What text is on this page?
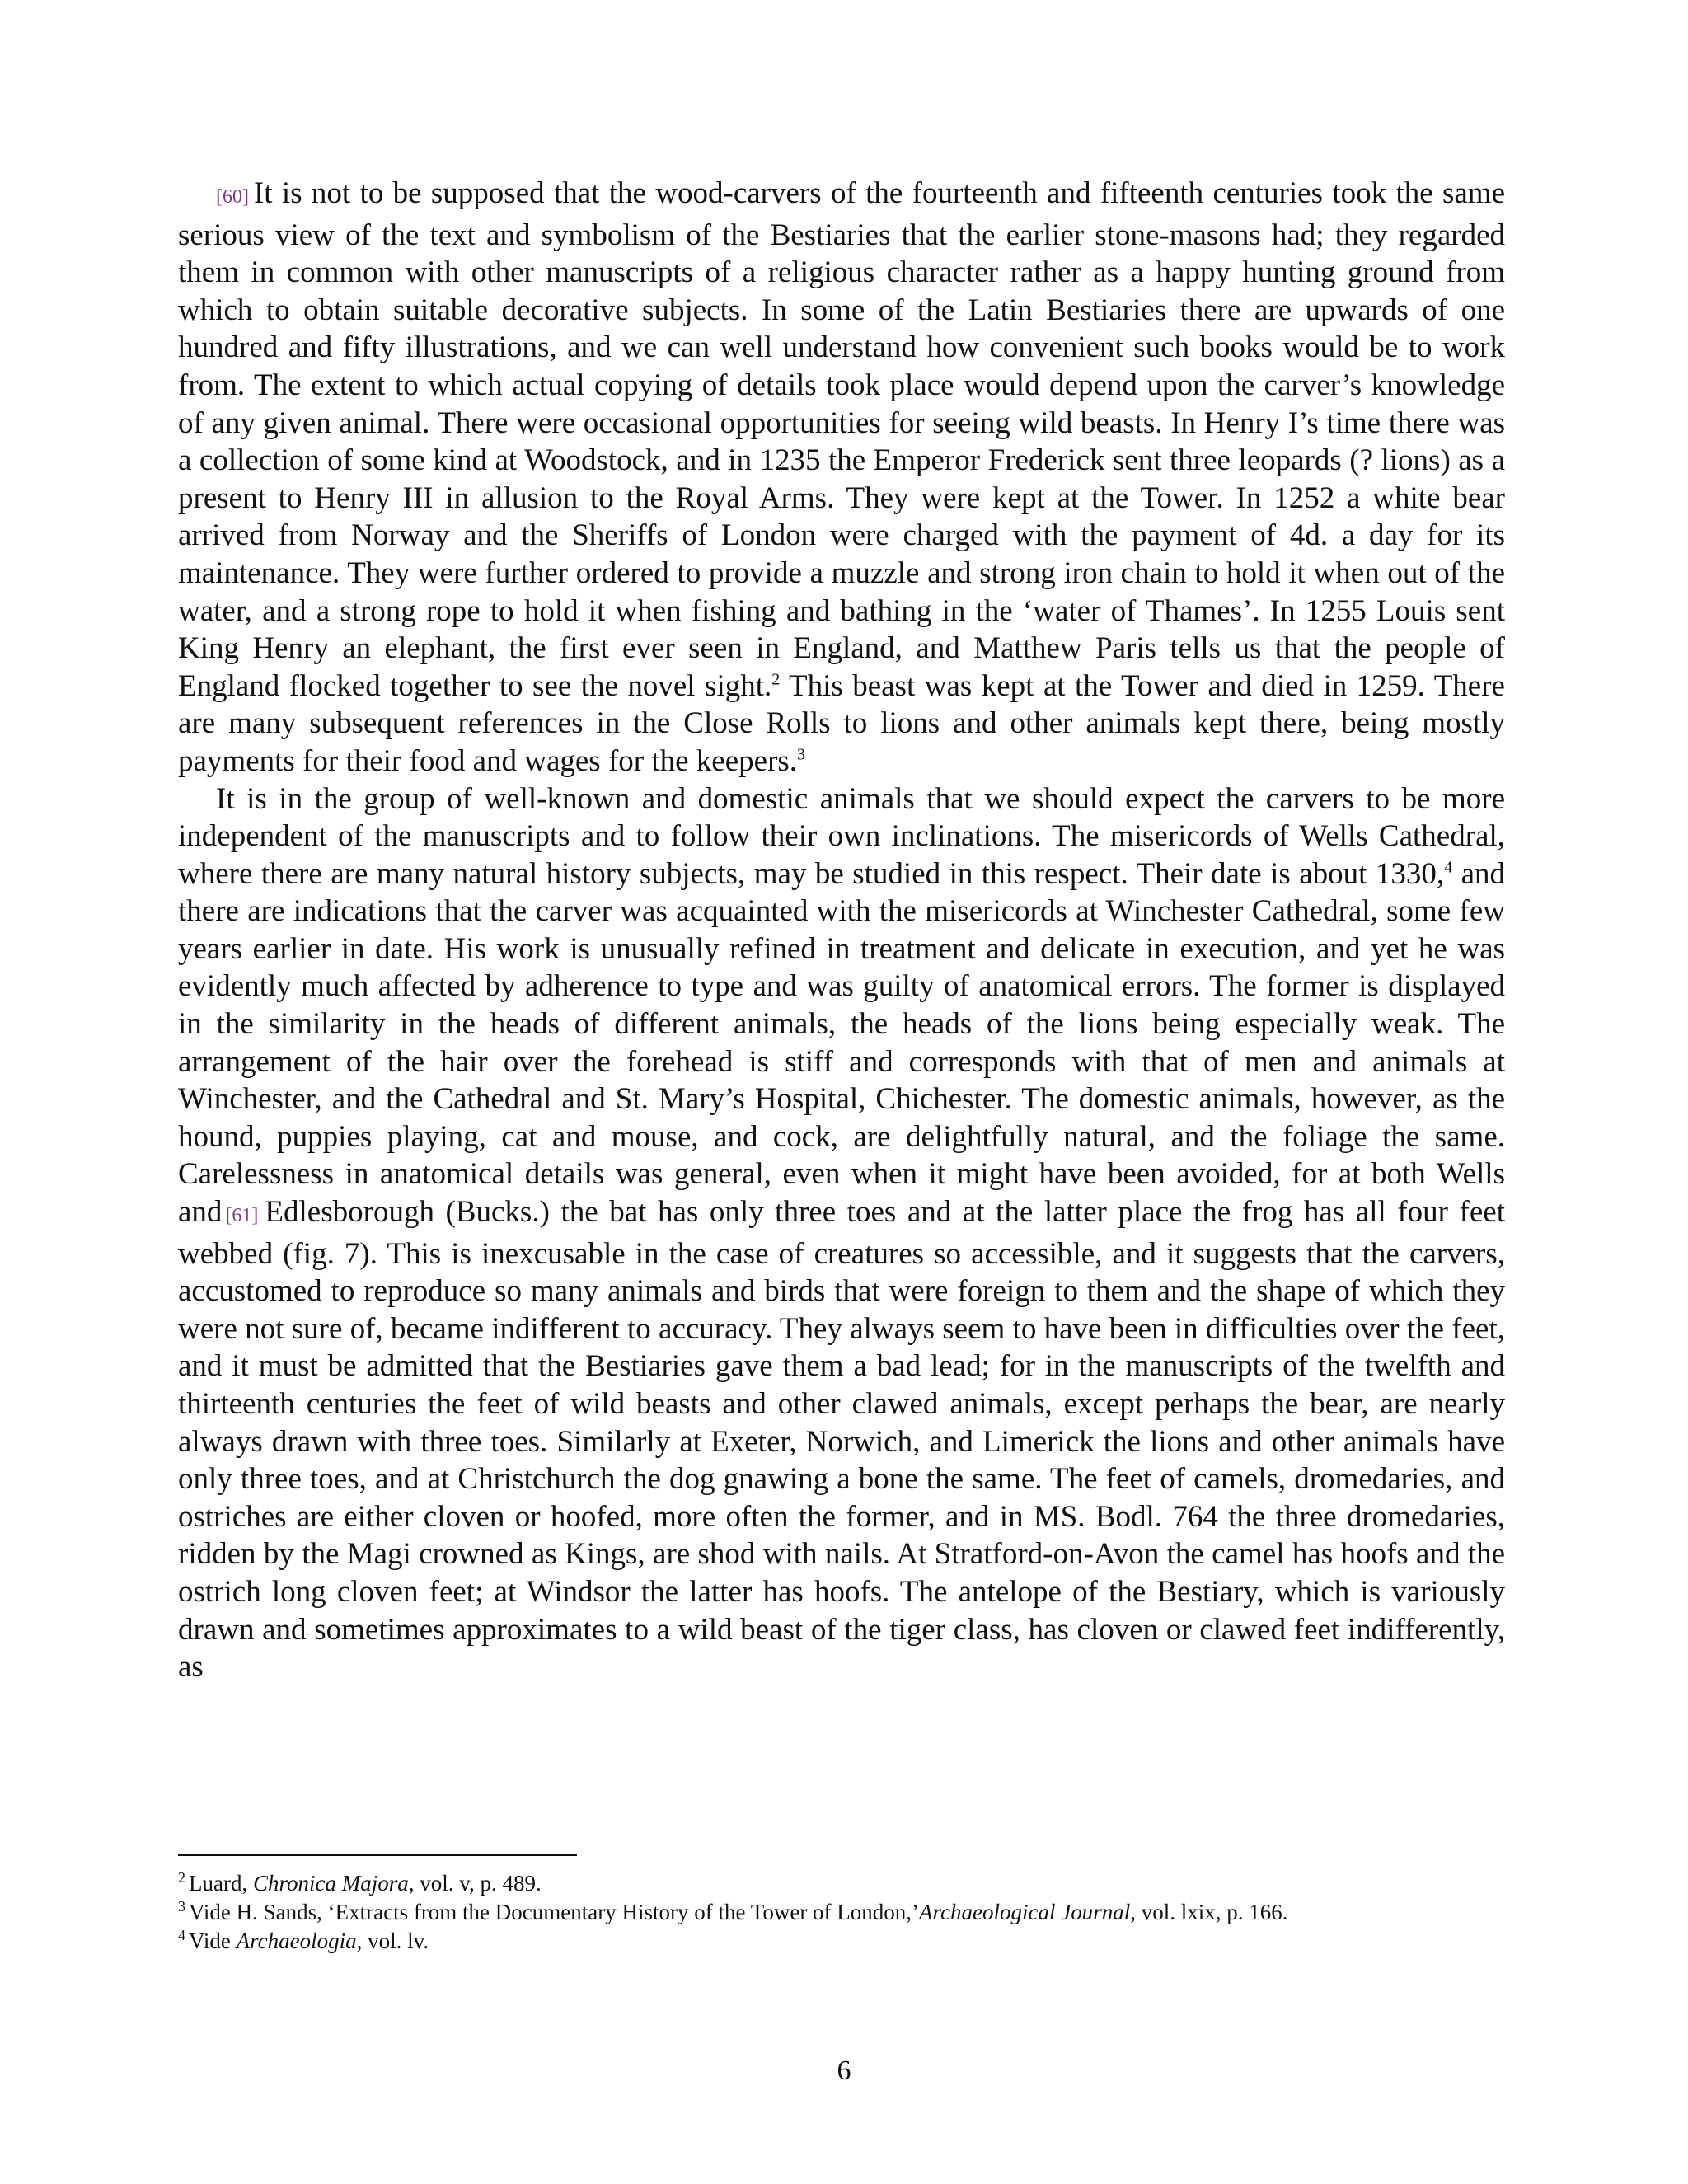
[60] It is not to be supposed that the wood-carvers of the fourteenth and fifteenth centuries took the same serious view of the text and symbolism of the Bestiaries that the earlier stone-masons had; they regarded them in common with other manuscripts of a religious character rather as a happy hunting ground from which to obtain suitable decorative subjects. In some of the Latin Bestiaries there are upwards of one hundred and fifty illustrations, and we can well understand how convenient such books would be to work from. The extent to which actual copying of details took place would depend upon the carver’s knowledge of any given animal. There were occasional opportunities for seeing wild beasts. In Henry I’s time there was a collection of some kind at Woodstock, and in 1235 the Emperor Frederick sent three leopards (? lions) as a present to Henry III in allusion to the Royal Arms. They were kept at the Tower. In 1252 a white bear arrived from Norway and the Sheriffs of London were charged with the payment of 4d. a day for its maintenance. They were further ordered to provide a muzzle and strong iron chain to hold it when out of the water, and a strong rope to hold it when fishing and bathing in the ‘water of Thames’. In 1255 Louis sent King Henry an elephant, the first ever seen in England, and Matthew Paris tells us that the people of England flocked together to see the novel sight.$^2$ This beast was kept at the Tower and died in 1259. There are many subsequent references in the Close Rolls to lions and other animals kept there, being mostly payments for their food and wages for the keepers.$^3$

It is in the group of well-known and domestic animals that we should expect the carvers to be more independent of the manuscripts and to follow their own inclinations. The misericords of Wells Cathedral, where there are many natural history subjects, may be studied in this respect. Their date is about 1330,$^4$ and there are indications that the carver was acquainted with the misericords at Winchester Cathedral, some few years earlier in date. His work is unusually refined in treatment and delicate in execution, and yet he was evidently much affected by adherence to type and was guilty of anatomical errors. The former is displayed in the similarity in the heads of different animals, the heads of the lions being especially weak. The arrangement of the hair over the forehead is stiff and corresponds with that of men and animals at Winchester, and the Cathedral and St. Mary’s Hospital, Chichester. The domestic animals, however, as the hound, puppies playing, cat and mouse, and cock, are delightfully natural, and the foliage the same. Carelessness in anatomical details was general, even when it might have been avoided, for at both Wells and [61] Edlesborough (Bucks.) the bat has only three toes and at the latter place the frog has all four feet webbed (fig. 7). This is inexcusable in the case of creatures so accessible, and it suggests that the carvers, accustomed to reproduce so many animals and birds that were foreign to them and the shape of which they were not sure of, became indifferent to accuracy. They always seem to have been in difficulties over the feet, and it must be admitted that the Bestiaries gave them a bad lead; for in the manuscripts of the twelfth and thirteenth centuries the feet of wild beasts and other clawed animals, except perhaps the bear, are nearly always drawn with three toes. Similarly at Exeter, Norwich, and Limerick the lions and other animals have only three toes, and at Christchurch the dog gnawing a bone the same. The feet of camels, dromedaries, and ostriches are either cloven or hoofed, more often the former, and in MS. Bodl. 764 the three dromedaries, ridden by the Magi crowned as Kings, are shod with nails. At Stratford-on-Avon the camel has hoofs and the ostrich long cloven feet; at Windsor the latter has hoofs. The antelope of the Bestiary, which is variously drawn and sometimes approximates to a wild beast of the tiger class, has cloven or clawed feet indifferently, as

$^2$ Luard, Chronica Majora, vol. v, p. 489.

$^3$ Vide H. Sands, ‘Extracts from the Documentary History of the Tower of London,’Archaeological Journal, vol. lxix, p. 166.

$^4$ Vide Archaeologia, vol. lv.

6
